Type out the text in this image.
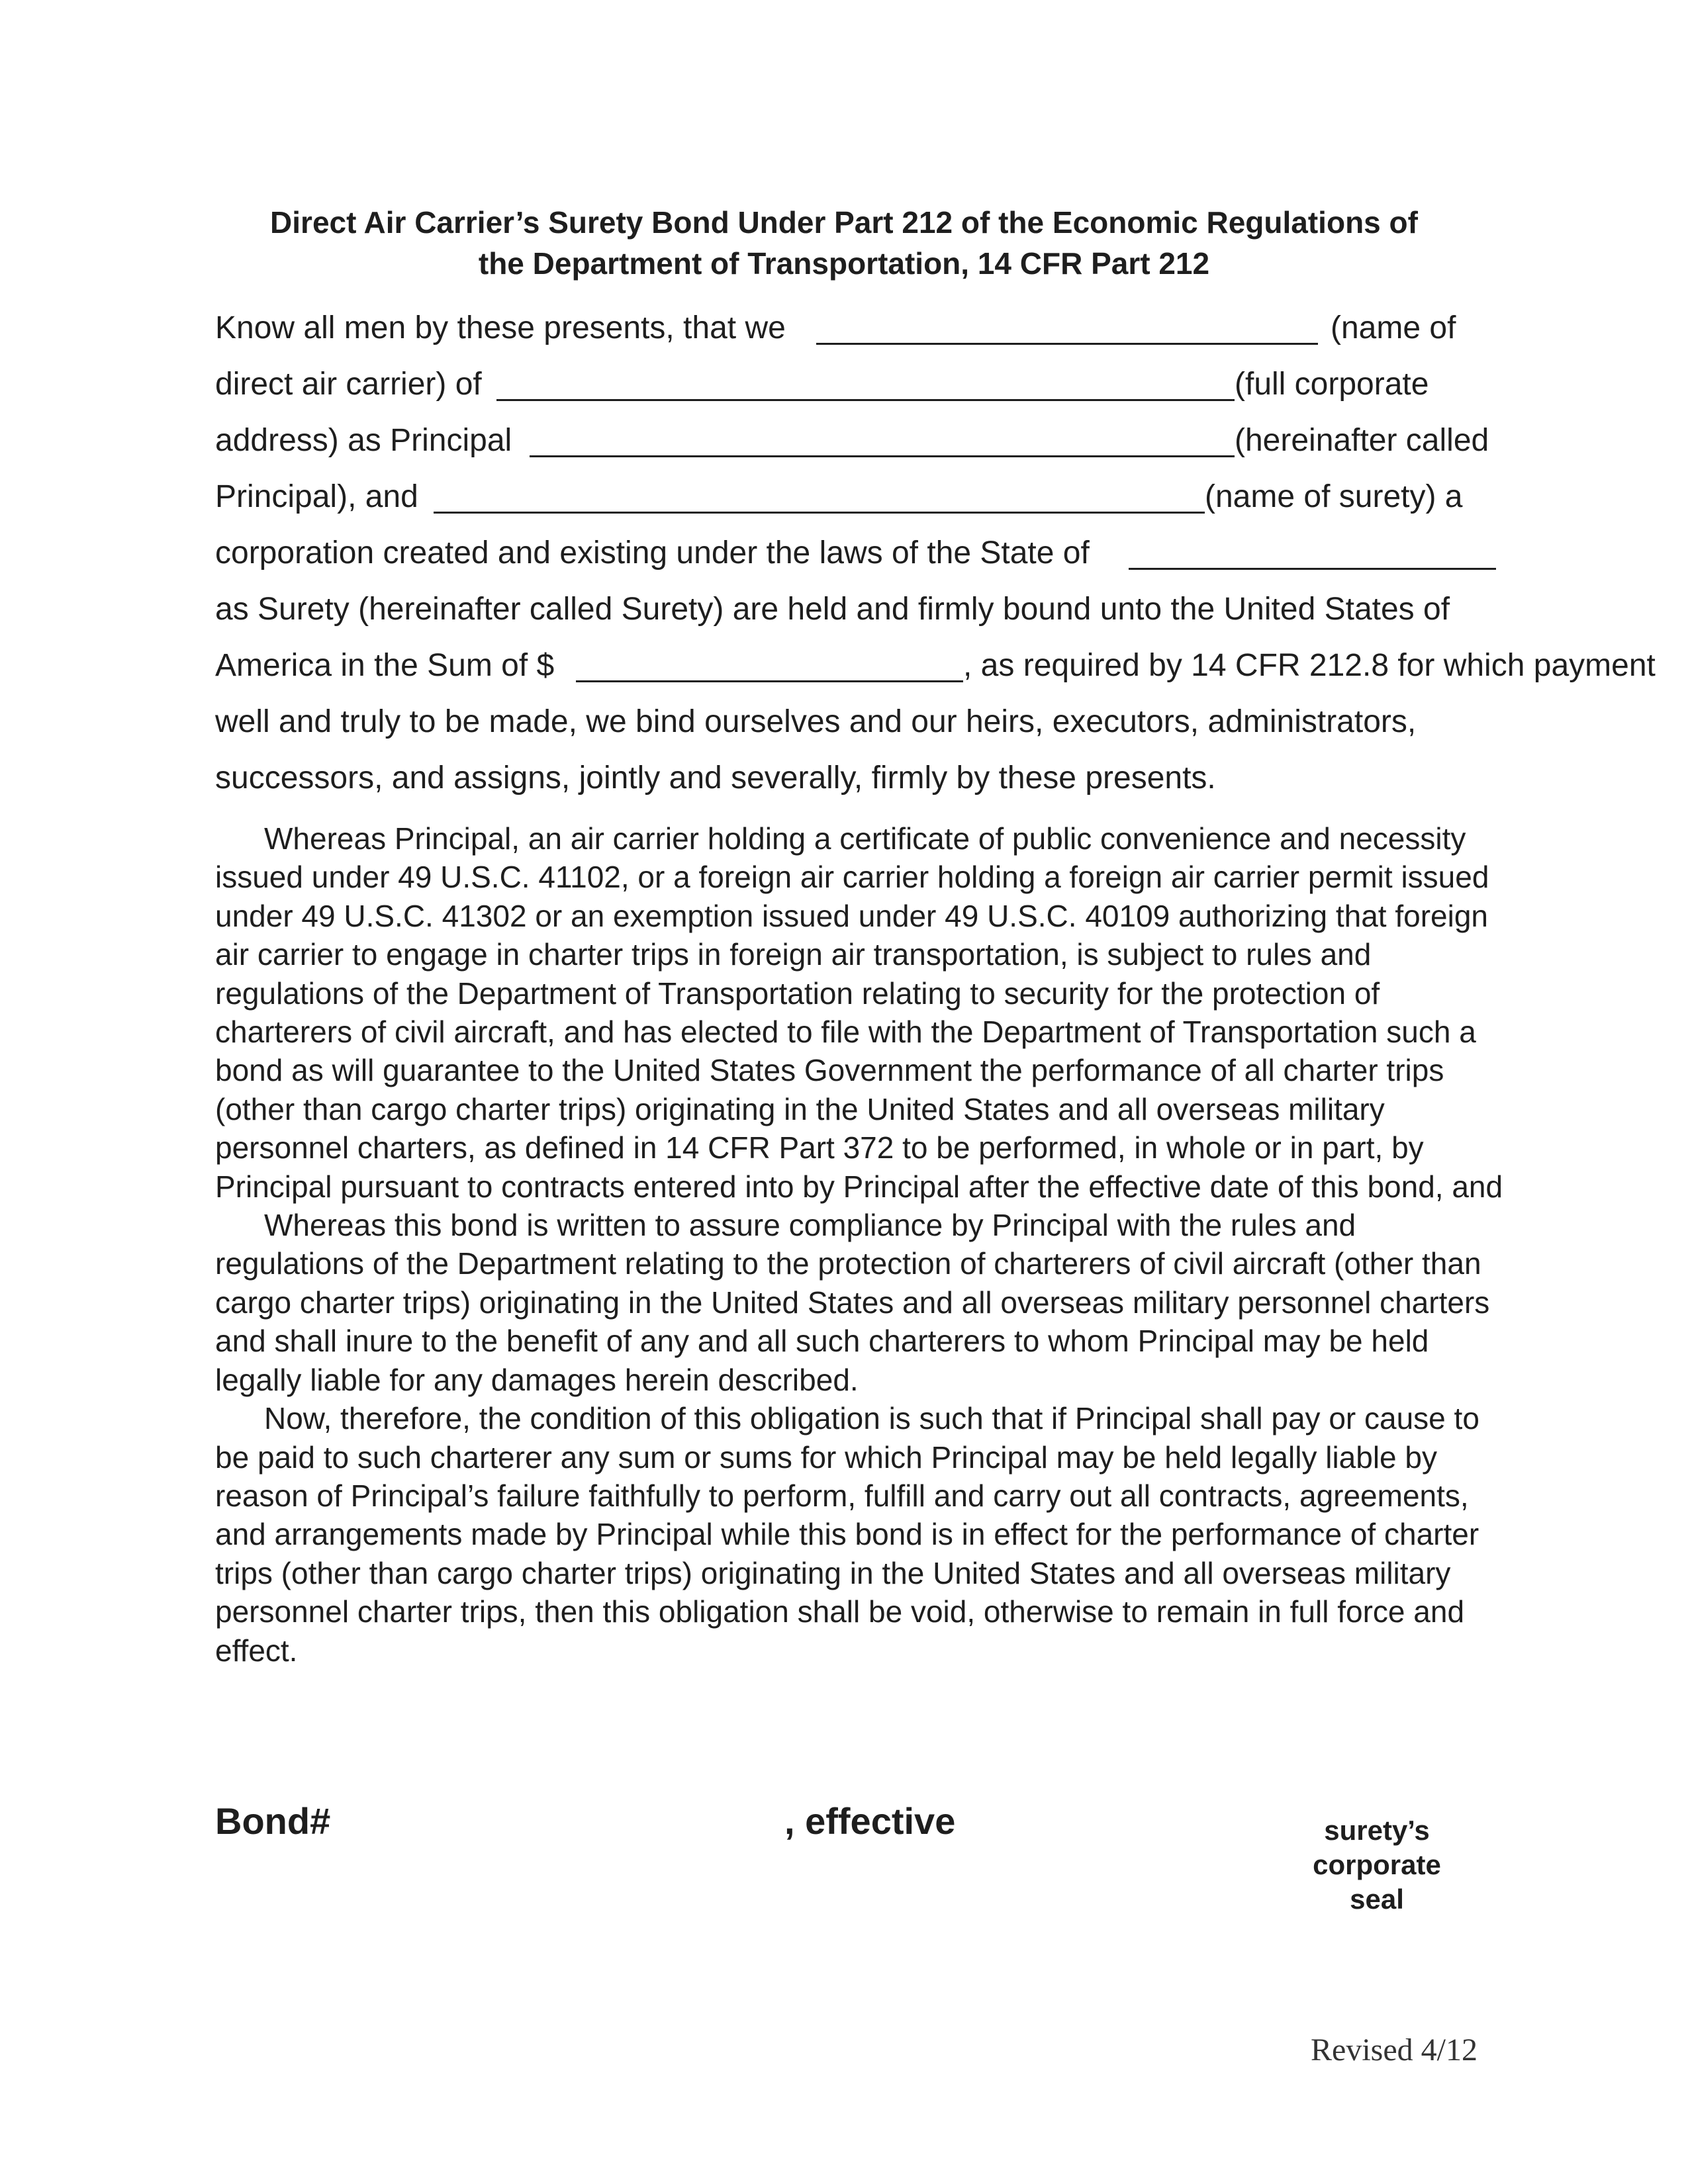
Direct Air Carrier’s Surety Bond Under Part 212 of the Economic Regulations of
the Department of Transportation, 14 CFR Part 212
Know all men by these presents, that we	(name of
direct air carrier) of	(full corporate
address) as Principal	(hereinafter called
Principal), and	(name of surety) a
corporation created and existing under the laws of the State of
as Surety (hereinafter called Surety) are held and firmly bound unto the United States of
America in the Sum of $	, as required by 14 CFR 212.8 for which payment
well and truly to be made, we bind ourselves and our heirs, executors, administrators,
successors, and assigns, jointly and severally, firmly by these presents.

Whereas Principal, an air carrier holding a certificate of public convenience and necessity issued under 49 U.S.C. 41102, or a foreign air carrier holding a foreign air carrier permit issued under 49 U.S.C. 41302 or an exemption issued under 49 U.S.C. 40109 authorizing that foreign air carrier to engage in charter trips in foreign air transportation, is subject to rules and regulations of the Department of Transportation relating to security for the protection of charterers of civil aircraft, and has elected to file with the Department of Transportation such a bond as will guarantee to the United States Government the performance of all charter trips (other than cargo charter trips) originating in the United States and all overseas military personnel charters, as defined in 14 CFR Part 372 to be performed, in whole or in part, by Principal pursuant to contracts entered into by Principal after the effective date of this bond, and

Whereas this bond is written to assure compliance by Principal with the rules and regulations of the Department relating to the protection of charterers of civil aircraft (other than cargo charter trips) originating in the United States and all overseas military personnel charters and shall inure to the benefit of any and all such charterers to whom Principal may be held legally liable for any damages herein described.

Now, therefore, the condition of this obligation is such that if Principal shall pay or cause to be paid to such charterer any sum or sums for which Principal may be held legally liable by reason of Principal’s failure faithfully to perform, fulfill and carry out all contracts, agreements, and arrangements made by Principal while this bond is in effect for the performance of charter trips (other than cargo charter trips) originating in the United States and all overseas military personnel charter trips, then this obligation shall be void, otherwise to remain in full force and effect.

Bond#	, effective	surety’s
corporate
seal
Revised 4/12
